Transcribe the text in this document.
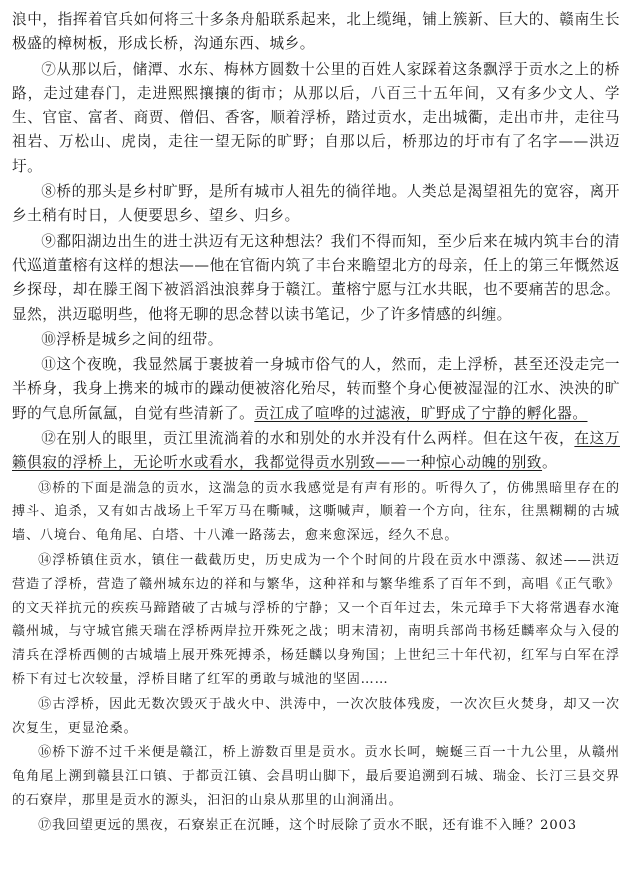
浪中，指挥着官兵如何将三十多条舟船联系起来，北上缆绳，铺上簇新、巨大的、赣南生长极盛的樟树板，形成长桥，沟通东西、城乡。

⑦从那以后，储潭、水东、梅林方圆数十公里的百姓人家踩着这条飘浮于贡水之上的桥路，走过建春门，走进熙熙攘攘的街市；从那以后，八百三十五年间，又有多少文人、学生、官宦、富者、商贾、僧侣、香客，顺着浮桥，踏过贡水，走出城衢，走出市井，走往马祖岩、万松山、虎岗，走往一望无际的旷野；自那以后，桥那边的圩市有了名字——洪迈圩。

⑧桥的那头是乡村旷野，是所有城市人祖先的徜徉地。人类总是渴望祖先的宽容，离开乡土稍有时日，人便要思乡、望乡、归乡。

⑨鄱阳湖边出生的进士洪迈有无这种想法？我们不得而知，至少后来在城内筑丰台的清代巡道董榕有这样的想法——他在官衙内筑了丰台来瞻望北方的母亲，任上的第三年慨然返乡探母，却在滕王阁下被滔滔浊浪葬身于赣江。董榕宁愿与江水共眠，也不要痛苦的思念。显然，洪迈聪明些，他将无聊的思念替以读书笔记，少了许多情感的纠缠。

⑩浮桥是城乡之间的纽带。

⑪这个夜晚，我显然属于裹披着一身城市俗气的人，然而，走上浮桥，甚至还没走完一半桥身，我身上携来的城市的躁动便被溶化殆尽，转而整个身心便被湿湿的江水、泱泱的旷野的气息所氤氲，自觉有些清新了。贡江成了喧哗的过滤液，旷野成了宁静的孵化器。

⑫在别人的眼里，贡江里流淌着的水和别处的水并没有什么两样。但在这午夜，在这万籁俱寂的浮桥上，无论听水或看水，我都觉得贡水别致——一种惊心动魄的别致。

⑬桥的下面是湍急的贡水，这湍急的贡水我感觉是有声有形的。听得久了，仿佛黑暗里存在的搏斗、追杀，又有如古战场上千军万马在嘶喊，这嘶喊声，顺着一个方向，往东，往黑糊糊的古城墙、八境台、龟角尾、白塔、十八滩一路荡去，愈来愈深远，经久不息。

⑭浮桥镇住贡水，镇住一截截历史，历史成为一个个时间的片段在贡水中漂荡、叙述——洪迈营造了浮桥，营造了赣州城东边的祥和与繁华，这种祥和与繁华维系了百年不到，高唱《正气歌》的文天祥抗元的疾疾马蹄踏破了古城与浮桥的宁静；又一个百年过去，朱元璋手下大将常遇春水淹赣州城，与守城官熊天瑞在浮桥两岸拉开殊死之战；明末清初，南明兵部尚书杨廷麟率众与入侵的清兵在浮桥西侧的古城墙上展开殊死搏杀，杨廷麟以身殉国；上世纪三十年代初，红军与白军在浮桥下有过七次较量，浮桥目睹了红军的勇敢与城池的坚固……

⑮古浮桥，因此无数次毁灭于战火中、洪涛中，一次次肢体残废，一次次巨火焚身，却又一次次复生，更显沧桑。

⑯桥下游不过千米便是赣江，桥上游数百里是贡水。贡水长呵，蜿蜒三百一十九公里，从赣州龟角尾上溯到赣县江口镇、于都贡江镇、会昌明山脚下，最后要追溯到石城、瑞金、长汀三县交界的石寮岸，那里是贡水的源头，汩汩的山泉从那里的山涧涌出。

⑰我回望更远的黑夜，石寮岽正在沉睡，这个时辰除了贡水不眠，还有谁不入睡？2003
